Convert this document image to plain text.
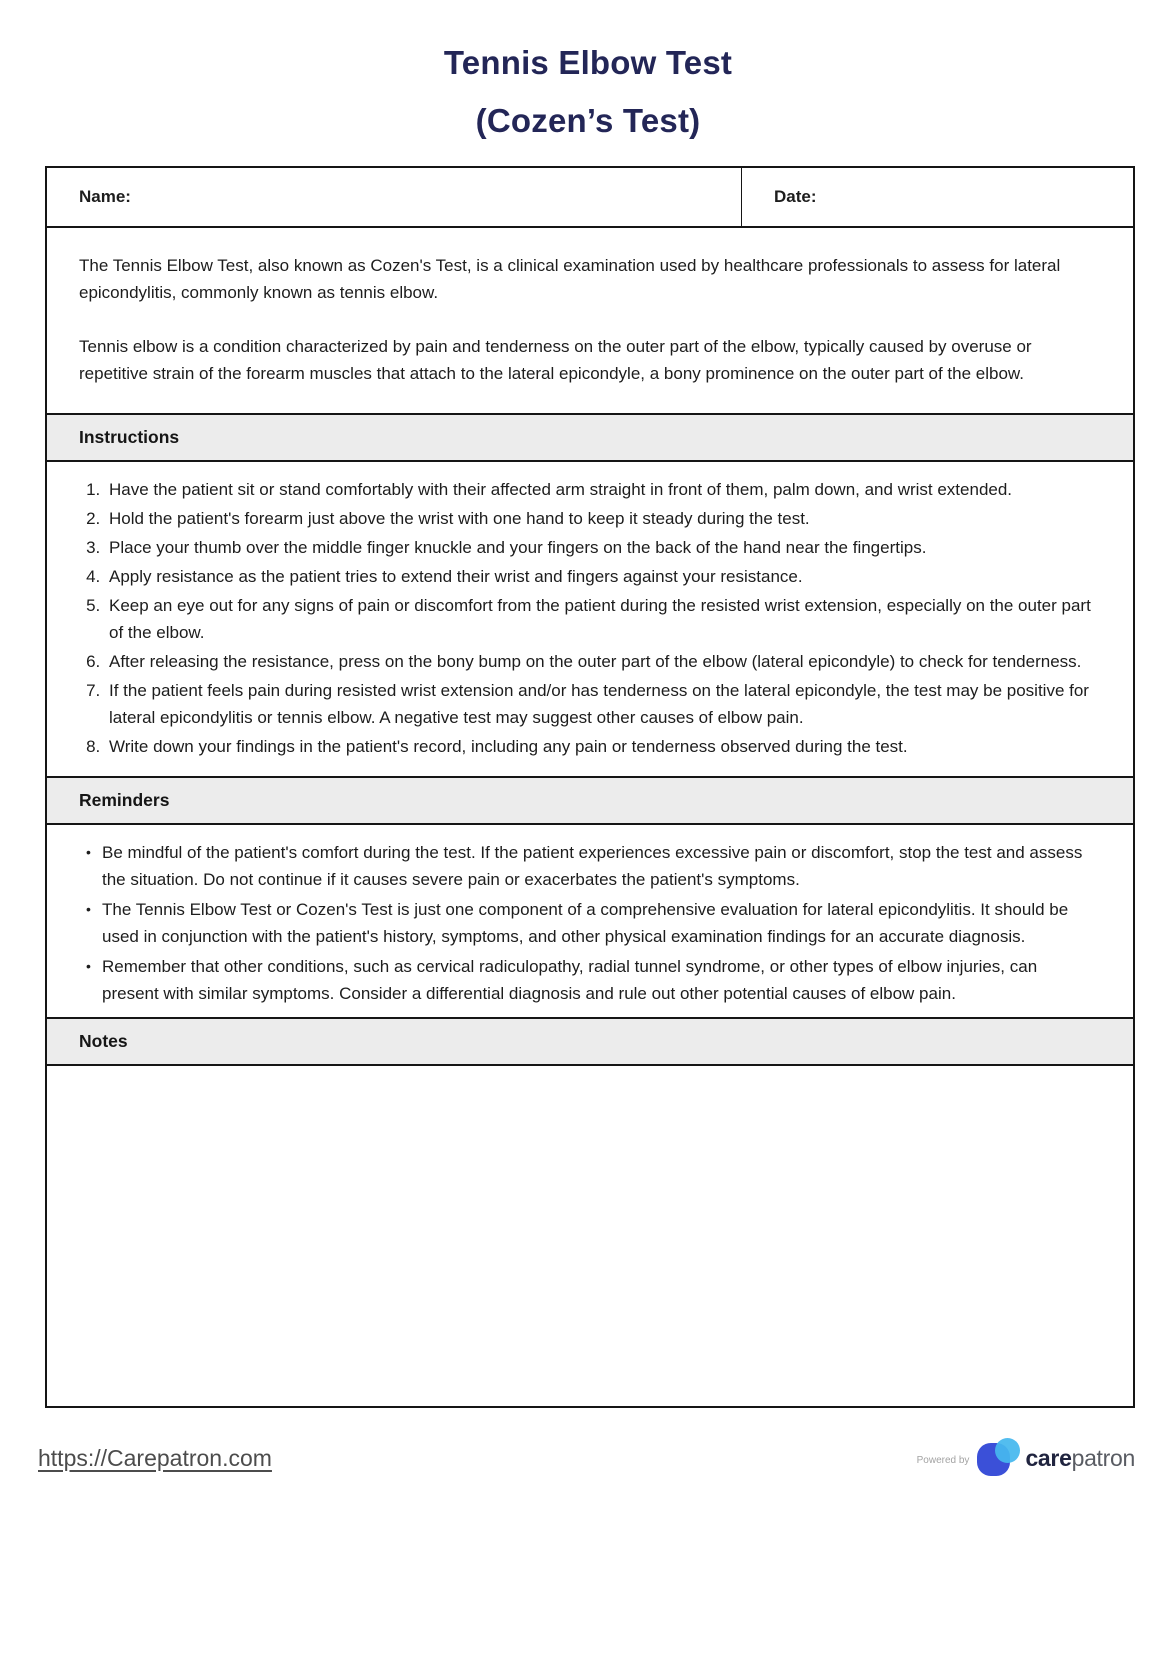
Tennis Elbow Test
(Cozen’s Test)
Name:	Date:

The Tennis Elbow Test, also known as Cozen's Test, is a clinical examination used by healthcare professionals to assess for lateral epicondylitis, commonly known as tennis elbow.

Tennis elbow is a condition characterized by pain and tenderness on the outer part of the elbow, typically caused by overuse or repetitive strain of the forearm muscles that attach to the lateral epicondyle, a bony prominence on the outer part of the elbow.

Instructions
1. Have the patient sit or stand comfortably with their affected arm straight in front of them, palm down, and wrist extended.
2. Hold the patient's forearm just above the wrist with one hand to keep it steady during the test.
3. Place your thumb over the middle finger knuckle and your fingers on the back of the hand near the fingertips.
4. Apply resistance as the patient tries to extend their wrist and fingers against your resistance.
5. Keep an eye out for any signs of pain or discomfort from the patient during the resisted wrist extension, especially on the outer part of the elbow.
6. After releasing the resistance, press on the bony bump on the outer part of the elbow (lateral epicondyle) to check for tenderness.
7. If the patient feels pain during resisted wrist extension and/or has tenderness on the lateral epicondyle, the test may be positive for lateral epicondylitis or tennis elbow. A negative test may suggest other causes of elbow pain.
8. Write down your findings in the patient's record, including any pain or tenderness observed during the test.
Reminders
• Be mindful of the patient's comfort during the test. If the patient experiences excessive pain or discomfort, stop the test and assess the situation. Do not continue if it causes severe pain or exacerbates the patient's symptoms.
• The Tennis Elbow Test or Cozen's Test is just one component of a comprehensive evaluation for lateral epicondylitis. It should be used in conjunction with the patient's history, symptoms, and other physical examination findings for an accurate diagnosis.
• Remember that other conditions, such as cervical radiculopathy, radial tunnel syndrome, or other types of elbow injuries, can present with similar symptoms. Consider a differential diagnosis and rule out other potential causes of elbow pain.
Notes
https://Carepatron.com	Powered by carepatron
